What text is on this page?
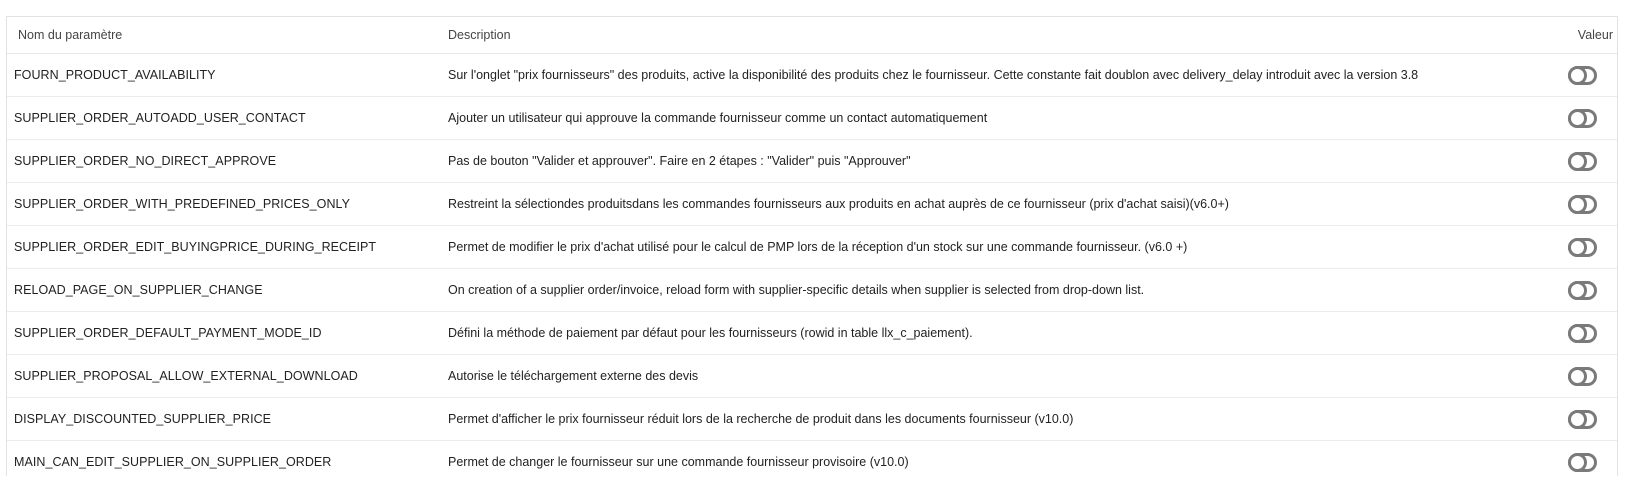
Nom du paramètre	Description	Valeur
FOURN_PRODUCT_AVAILABILITY	Sur l'onglet "prix fournisseurs" des produits, active la disponibilité des produits chez le fournisseur. Cette constante fait doublon avec delivery_delay introduit avec la version 3.8	

SUPPLIER_ORDER_AUTOADD_USER_CONTACT	Ajouter un utilisateur qui approuve la commande fournisseur comme un contact automatiquement	

SUPPLIER_ORDER_NO_DIRECT_APPROVE	Pas de bouton "Valider et approuver". Faire en 2 étapes : "Valider" puis "Approuver"	

SUPPLIER_ORDER_WITH_PREDEFINED_PRICES_ONLY	Restreint la sélectiondes produitsdans les commandes fournisseurs aux produits en achat auprès de ce fournisseur (prix d'achat saisi)(v6.0+)	

SUPPLIER_ORDER_EDIT_BUYINGPRICE_DURING_RECEIPT	Permet de modifier le prix d'achat utilisé pour le calcul de PMP lors de la réception d'un stock sur une commande fournisseur. (v6.0 +)	

RELOAD_PAGE_ON_SUPPLIER_CHANGE	On creation of a supplier order/invoice, reload form with supplier-specific details when supplier is selected from drop-down list.	

SUPPLIER_ORDER_DEFAULT_PAYMENT_MODE_ID	Défini la méthode de paiement par défaut pour les fournisseurs (rowid in table llx_c_paiement).	

SUPPLIER_PROPOSAL_ALLOW_EXTERNAL_DOWNLOAD	Autorise le téléchargement externe des devis	

DISPLAY_DISCOUNTED_SUPPLIER_PRICE	Permet d'afficher le prix fournisseur réduit lors de la recherche de produit dans les documents fournisseur (v10.0)	

MAIN_CAN_EDIT_SUPPLIER_ON_SUPPLIER_ORDER	Permet de changer le fournisseur sur une commande fournisseur provisoire (v10.0)	
